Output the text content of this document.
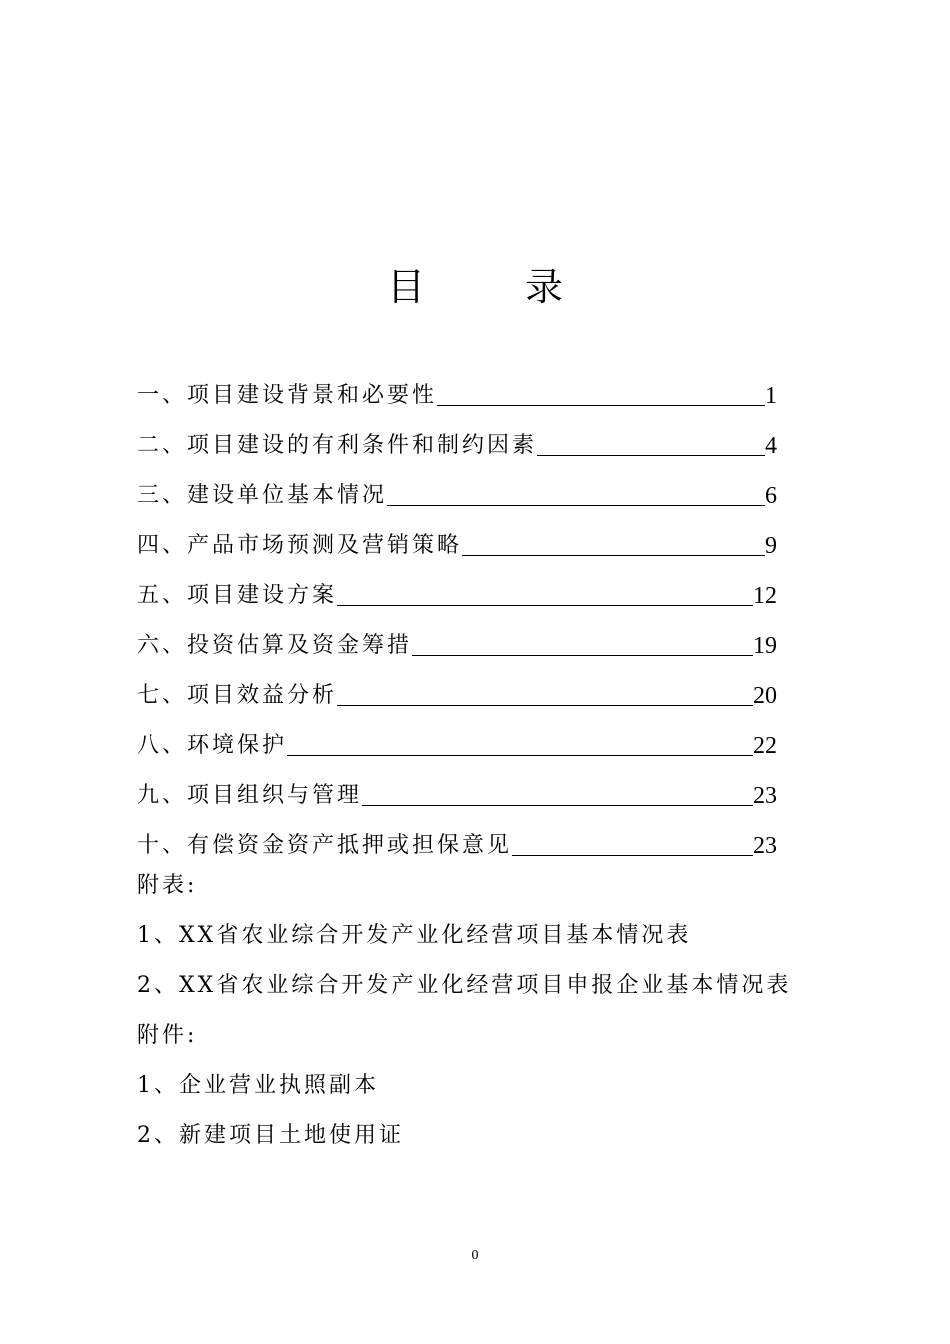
目 录
一、项目建设背景和必要性	1
二、项目建设的有利条件和制约因素	4
三、建设单位基本情况	6
四、产品市场预测及营销策略	9
五、项目建设方案	12
六、投资估算及资金筹措	19
七、项目效益分析	20
八、环境保护	22
九、项目组织与管理	23
十、有偿资金资产抵押或担保意见	23
附表:
1、XX省农业综合开发产业化经营项目基本情况表
2、XX省农业综合开发产业化经营项目申报企业基本情况表
附件:
1、企业营业执照副本
2、新建项目土地使用证
0
